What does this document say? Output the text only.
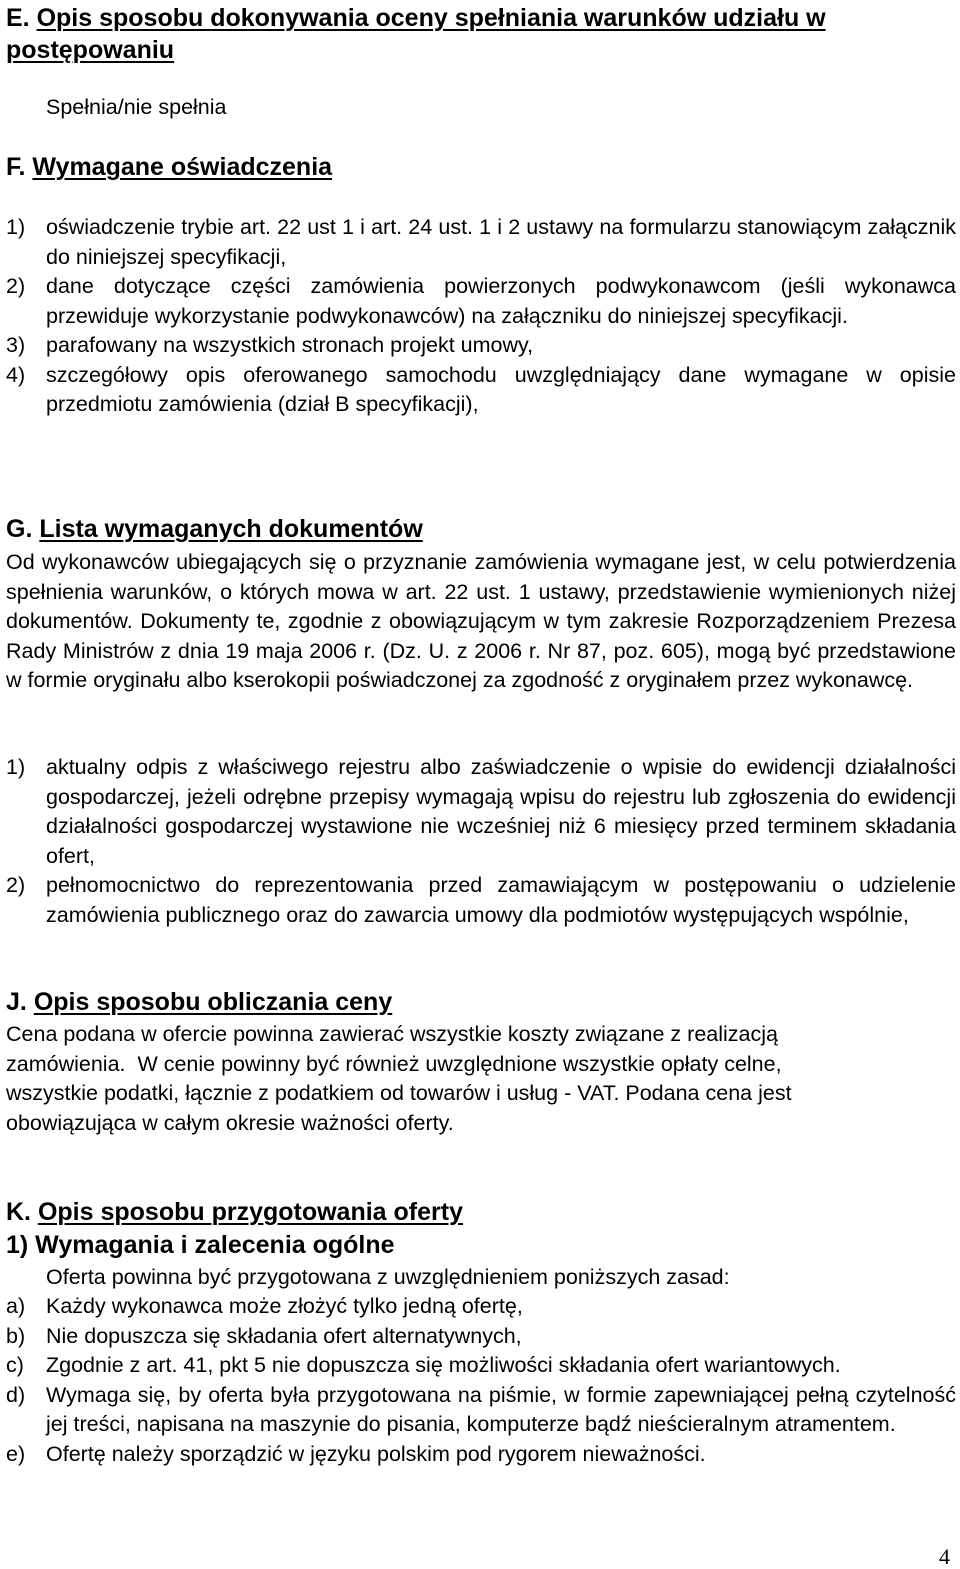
E. Opis sposobu dokonywania oceny spełniania warunków udziału w postępowaniu
Spełnia/nie spełnia
F. Wymagane oświadczenia
1) oświadczenie trybie art. 22 ust 1 i art. 24 ust. 1 i 2 ustawy na formularzu stanowiącym załącznik do niniejszej specyfikacji,
2) dane dotyczące części zamówienia powierzonych podwykonawcom (jeśli wykonawca przewiduje wykorzystanie podwykonawców) na załączniku do niniejszej specyfikacji.
3) parafowany na wszystkich stronach projekt umowy,
4) szczegółowy opis oferowanego samochodu uwzględniający dane wymagane w opisie przedmiotu zamówienia (dział B specyfikacji),
G. Lista wymaganych dokumentów
Od wykonawców ubiegających się o przyznanie zamówienia wymagane jest, w celu potwierdzenia spełnienia warunków, o których mowa w art. 22 ust. 1 ustawy, przedstawienie wymienionych niżej dokumentów. Dokumenty te, zgodnie z obowiązującym w tym zakresie Rozporządzeniem Prezesa Rady Ministrów z dnia 19 maja 2006 r. (Dz. U. z 2006 r. Nr 87, poz. 605), mogą być przedstawione w formie oryginału albo kserokopii poświadczonej za zgodność z oryginałem przez wykonawcę.
1) aktualny odpis z właściwego rejestru albo zaświadczenie o wpisie do ewidencji działalności gospodarczej, jeżeli odrębne przepisy wymagają wpisu do rejestru lub zgłoszenia do ewidencji działalności gospodarczej wystawione nie wcześniej niż 6 miesięcy przed terminem składania ofert,
2) pełnomocnictwo do reprezentowania przed zamawiającym w postępowaniu o udzielenie zamówienia publicznego oraz do zawarcia umowy dla podmiotów występujących wspólnie,
J. Opis sposobu obliczania ceny
Cena podana w ofercie powinna zawierać wszystkie koszty związane z realizacją
zamówienia.  W cenie powinny być również uwzględnione wszystkie opłaty celne,
wszystkie podatki, łącznie z podatkiem od towarów i usług - VAT. Podana cena jest
obowiązująca w całym okresie ważności oferty.
K. Opis sposobu przygotowania oferty
1) Wymagania i zalecenia ogólne
Oferta powinna być przygotowana z uwzględnieniem poniższych zasad:
a) Każdy wykonawca może złożyć tylko jedną ofertę,
b) Nie dopuszcza się składania ofert alternatywnych,
c)	Zgodnie z art. 41, pkt 5 nie dopuszcza się możliwości składania ofert wariantowych.
d) Wymaga się, by oferta była przygotowana na piśmie, w formie zapewniającej pełną czytelność jej treści, napisana na maszynie do pisania, komputerze bądź nieścieralnym atramentem.
e) Ofertę należy sporządzić w języku polskim pod rygorem nieważności.
4
